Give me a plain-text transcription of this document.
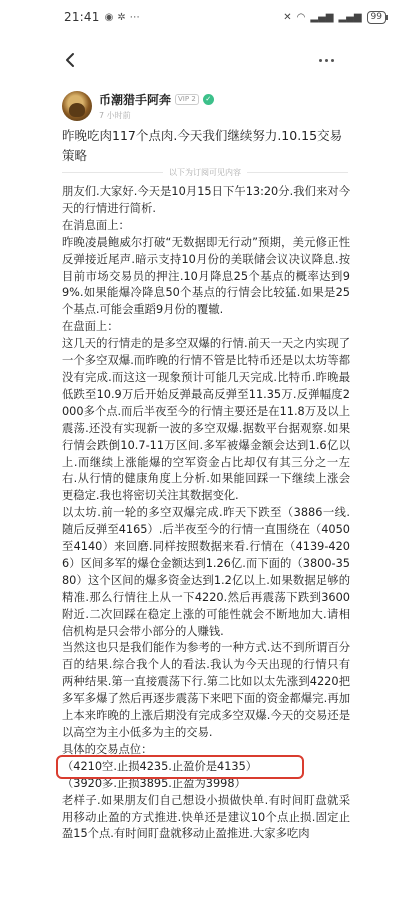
21:41 ◉ ✲ ⋯	✕ ◠ ▂▄▆ ▂▄▆	99
币潮猎手阿奔	VIP 2	✓
7 小时前
昨晚吃肉117个点肉.今天我们继续努力.10.15交易策略
以下为订阅可见内容

朋友们.大家好.今天是10月15日下午13:20分.我们来对今天的行情进行简析.

在消息面上：

昨晚凌晨鲍威尔打破“无数据即无行动”预期，美元修正性反弹接近尾声.暗示支持10月份的美联储会议决议降息.按目前市场交易员的押注.10月降息25个基点的概率达到99%.如果能爆冷降息50个基点的行情会比较猛.如果是25个基点.可能会重蹈9月份的覆辙.

在盘面上：

这几天的行情走的是多空双爆的行情.前天一天之内实现了一个多空双爆.而昨晚的行情不管是比特币还是以太坊等都没有完成.而这这一现象预计可能几天完成.比特币.昨晚最低跌至10.9万后开始反弹最高反弹至11.35万.反弹幅度2000多个点.而后半夜至今的行情主要还是在11.8万及以上震荡.还没有实现新一波的多空双爆.据数平台据观察.如果行情会跌倒10.7-11万区间.多军被爆金额会达到1.6亿以上.而继续上涨能爆的空军资金占比却仅有其三分之一左右.从行情的健康角度上分析.如果能回踩一下继续上涨会更稳定.我也将密切关注其数据变化.

以太坊.前一轮的多空双爆完成.昨天下跌至（3886一线.随后反弹至4165）.后半夜至今的行情一直围绕在（4050至4140）来回磨.同样按照数据来看.行情在（4139-4206）区间多军的爆仓金额达到1.26亿.而下面的（3800-3580）这个区间的爆多资金达到1.2亿以上.如果数据足够的精准.那么行情往上从一下4220.然后再震荡下跌到3600附近.二次回踩在稳定上涨的可能性就会不断地加大.请相信机构是只会带小部分的人赚钱.

当然这也只是我们能作为参考的一种方式.达不到所谓百分百的结果.综合我个人的看法.我认为今天出现的行情只有两种结果.第一直接震荡下行.第二比如以太先涨到4220把多军多爆了然后再逐步震荡下来吧下面的资金都爆完.再加上本来昨晚的上涨后期没有完成多空双爆.今天的交易还是以高空为主小低多为主的交易.

具体的交易点位：

（4210空.止损4235.止盈价是4135）

（3920多.止损3895.止盈为3998）

老样子.如果朋友们自己想设小损做快单.有时间盯盘就采用移动止盈的方式推进.快单还是建议10个点止损.固定止盈15个点.有时间盯盘就移动止盈推进.大家多吃肉
